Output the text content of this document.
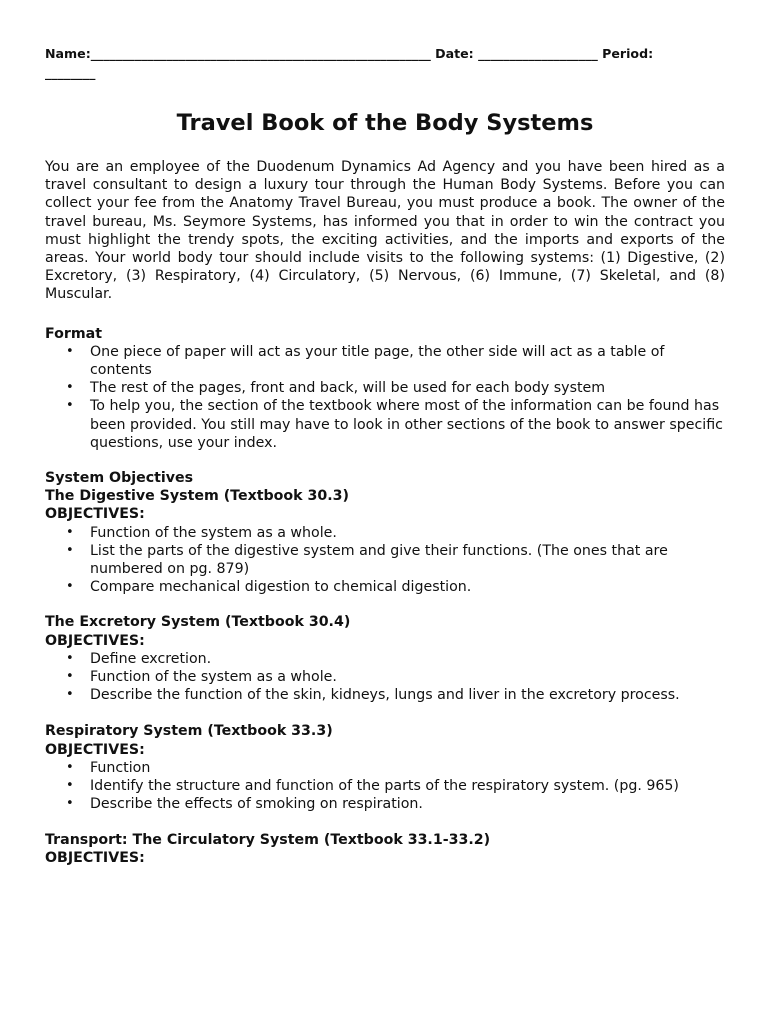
Name:______________________________________________________ Date: ___________________ Period:
________
Travel Book of the Body Systems

You are an employee of the Duodenum Dynamics Ad Agency and you have been hired as a travel consultant to design a luxury tour through the Human Body Systems. Before you can collect your fee from the Anatomy Travel Bureau, you must produce a book. The owner of the travel bureau, Ms. Seymore Systems, has informed you that in order to win the contract you must highlight the trendy spots, the exciting activities, and the imports and exports of the areas. Your world body tour should include visits to the following systems: (1) Digestive, (2) Excretory, (3) Respiratory, (4) Circulatory, (5) Nervous, (6) Immune, (7) Skeletal, and (8) Muscular.

Format
• One piece of paper will act as your title page, the other side will act as a table of contents
• The rest of the pages, front and back, will be used for each body system
• To help you, the section of the textbook where most of the information can be found has been provided. You still may have to look in other sections of the book to answer specific questions, use your index.
System Objectives
The Digestive System (Textbook 30.3)
OBJECTIVES:
• Function of the system as a whole.
• List the parts of the digestive system and give their functions. (The ones that are numbered on pg. 879)
• Compare mechanical digestion to chemical digestion.
The Excretory System (Textbook 30.4)
OBJECTIVES:
• Define excretion.
• Function of the system as a whole.
• Describe the function of the skin, kidneys, lungs and liver in the excretory process.
Respiratory System (Textbook 33.3)
OBJECTIVES:
• Function
• Identify the structure and function of the parts of the respiratory system. (pg. 965)
• Describe the effects of smoking on respiration.
Transport: The Circulatory System (Textbook 33.1-33.2)
OBJECTIVES:
